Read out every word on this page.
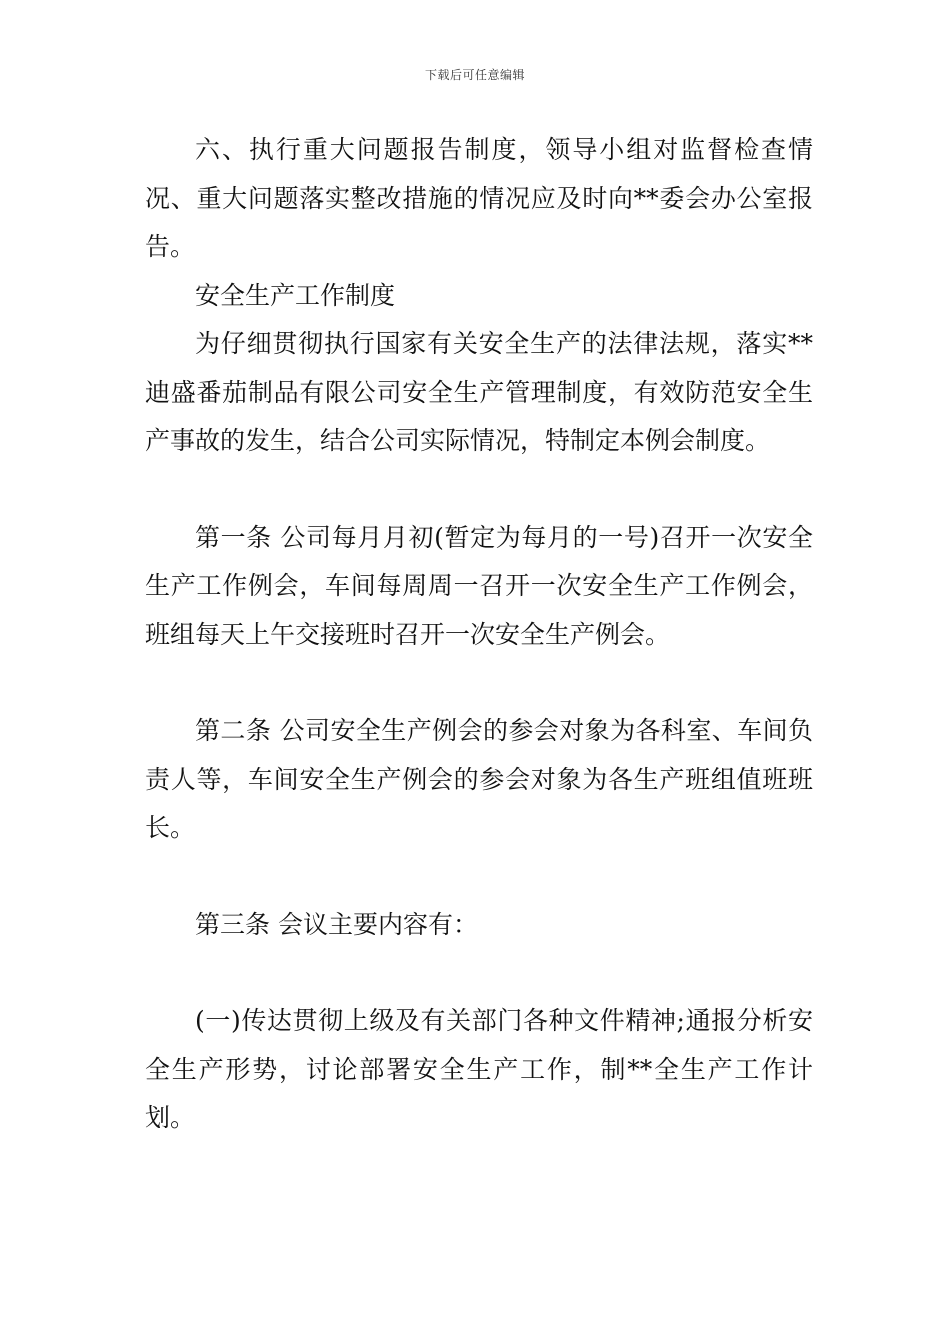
下载后可任意编辑

六、执行重大问题报告制度，领导小组对监督检查情况、重大问题落实整改措施的情况应及时向**委会办公室报告。

安全生产工作制度

为仔细贯彻执行国家有关安全生产的法律法规，落实**迪盛番茄制品有限公司安全生产管理制度，有效防范安全生产事故的发生，结合公司实际情况，特制定本例会制度。

第一条 公司每月月初(暂定为每月的一号)召开一次安全生产工作例会，车间每周周一召开一次安全生产工作例会，班组每天上午交接班时召开一次安全生产例会。

第二条 公司安全生产例会的参会对象为各科室、车间负责人等，车间安全生产例会的参会对象为各生产班组值班班长。

第三条 会议主要内容有：

(一)传达贯彻上级及有关部门各种文件精神;通报分析安全生产形势，讨论部署安全生产工作，制**全生产工作计划。
